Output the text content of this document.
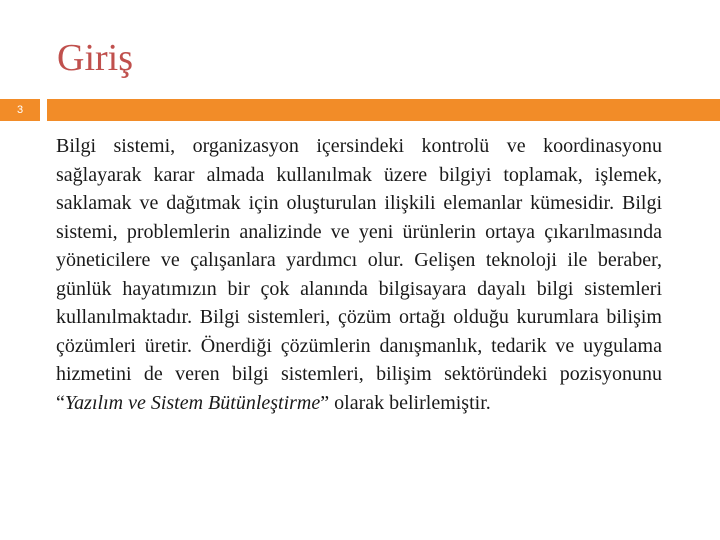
Giriş
3

Bilgi sistemi, organizasyon içersindeki kontrolü ve koordinasyonu sağlayarak karar almada kullanılmak üzere bilgiyi toplamak, işlemek, saklamak ve dağıtmak için oluşturulan ilişkili elemanlar kümesidir. Bilgi sistemi, problemlerin analizinde ve yeni ürünlerin ortaya çıkarılmasında yöneticilere ve çalışanlara yardımcı olur. Gelişen teknoloji ile beraber, günlük hayatımızın bir çok alanında bilgisayara dayalı bilgi sistemleri kullanılmaktadır. Bilgi sistemleri, çözüm ortağı olduğu kurumlara bilişim çözümleri üretir. Önerdiği çözümlerin danışmanlık, tedarik ve uygulama hizmetini de veren bilgi sistemleri, bilişim sektöründeki pozisyonunu “Yazılım ve Sistem Bütünleştirme” olarak belirlemiştir.
